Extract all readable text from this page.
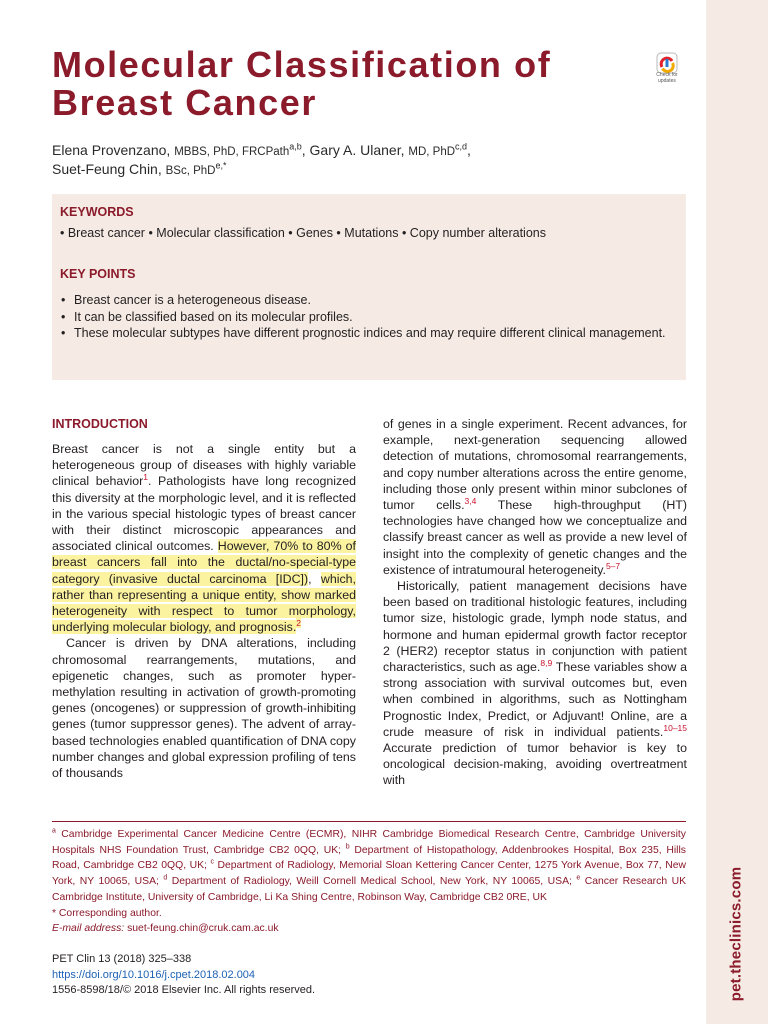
pet.theclinics.com
Molecular Classification of Breast Cancer
Check for updates
Elena Provenzano, MBBS, PhD, FRCPath$^{a,b}$, Gary A. Ulaner, MD, PhD$^{c,d}$,
Suet-Feung Chin, BSc, PhD$^{e,*}$
KEYWORDS
• Breast cancer • Molecular classification • Genes • Mutations • Copy number alterations
KEY POINTS
• Breast cancer is a heterogeneous disease.
• It can be classified based on its molecular profiles.
• These molecular subtypes have different prognostic indices and may require different clinical management.
INTRODUCTION

Breast cancer is not a single entity but a heterogeneous group of diseases with highly variable clinical behavior$^1$. Pathologists have long recognized this diversity at the morphologic level, and it is reflected in the various special histologic types of breast cancer with their distinct microscopic appearances and associated clinical outcomes. However, 70% to 80% of breast cancers fall into the ductal/no-special-type category (invasive ductal carcinoma [IDC]), which, rather than representing a unique entity, show marked heterogeneity with respect to tumor morphology, underlying molecular biology, and prognosis.$^2$

Cancer is driven by DNA alterations, including chromosomal rearrangements, mutations, and epigenetic changes, such as promoter hypermethylation resulting in activation of growth-promoting genes (oncogenes) or suppression of growth-inhibiting genes (tumor suppressor genes). The advent of array-based technologies enabled quantification of DNA copy number changes and global expression profiling of tens of thousands

of genes in a single experiment. Recent advances, for example, next-generation sequencing allowed detection of mutations, chromosomal rearrangements, and copy number alterations across the entire genome, including those only present within minor subclones of tumor cells.$^{3,4}$ These high-throughput (HT) technologies have changed how we conceptualize and classify breast cancer as well as provide a new level of insight into the complexity of genetic changes and the existence of intratumoural heterogeneity.$^{5-7}$

Historically, patient management decisions have been based on traditional histologic features, including tumor size, histologic grade, lymph node status, and hormone and human epidermal growth factor receptor 2 (HER2) receptor status in conjunction with patient characteristics, such as age.$^{8,9}$ These variables show a strong association with survival outcomes but, even when combined in algorithms, such as Nottingham Prognostic Index, Predict, or Adjuvant! Online, are a crude measure of risk in individual patients.$^{10-15}$ Accurate prediction of tumor behavior is key to oncological decision-making, avoiding overtreatment with

$^a$ Cambridge Experimental Cancer Medicine Centre (ECMR), NIHR Cambridge Biomedical Research Centre, Cambridge University Hospitals NHS Foundation Trust, Cambridge CB2 0QQ, UK; $^b$ Department of Histopathology, Addenbrookes Hospital, Box 235, Hills Road, Cambridge CB2 0QQ, UK; $^c$ Department of Radiology, Memorial Sloan Kettering Cancer Center, 1275 York Avenue, Box 77, New York, NY 10065, USA; $^d$ Department of Radiology, Weill Cornell Medical School, New York, NY 10065, USA; $^e$ Cancer Research UK Cambridge Institute, University of Cambridge, Li Ka Shing Centre, Robinson Way, Cambridge CB2 0RE, UK
* Corresponding author.
E-mail address: suet-feung.chin@cruk.cam.ac.uk
PET Clin 13 (2018) 325–338
https://doi.org/10.1016/j.cpet.2018.02.004
1556-8598/18/© 2018 Elsevier Inc. All rights reserved.
